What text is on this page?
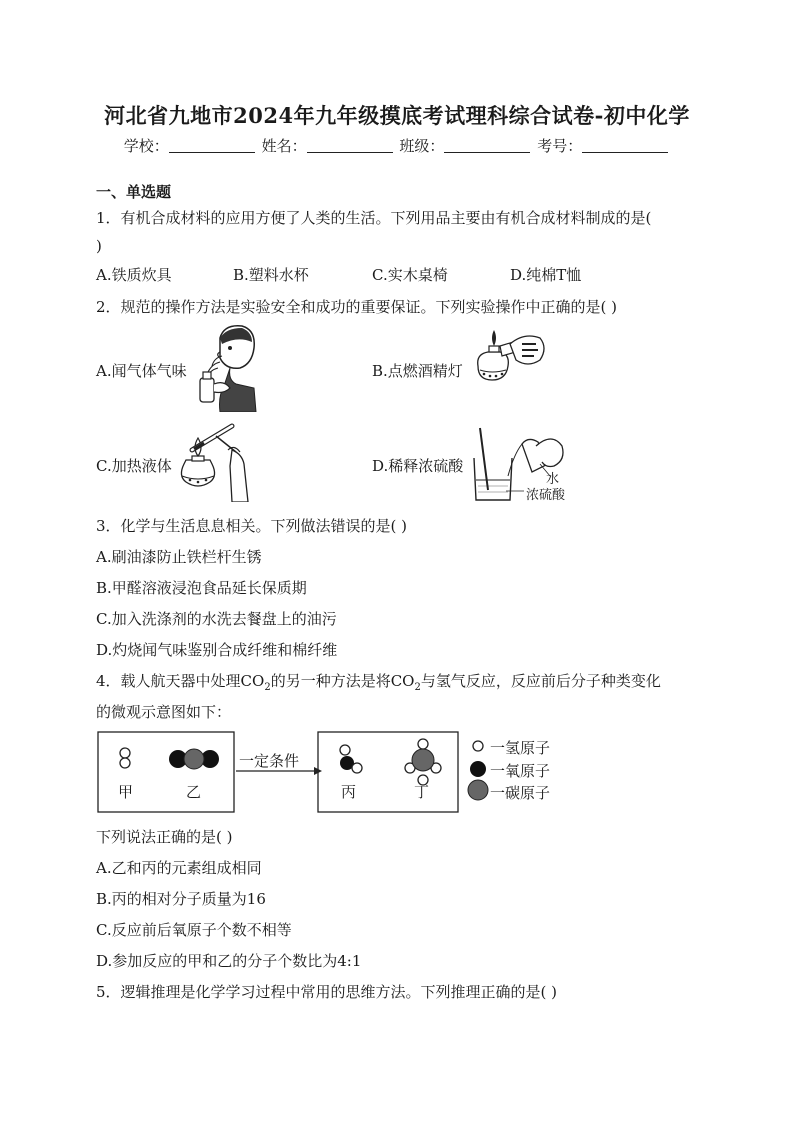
河北省九地市2024年九年级摸底考试理科综合试卷-初中化学
学校：	姓名：	班级：	考号：
一、单选题
1．有机合成材料的应用方便了人类的生活。下列用品主要由有机合成材料制成的是(
)
A.铁质炊具	B.塑料水杯	C.实木桌椅	D.纯棉T恤
2．规范的操作方法是实验安全和成功的重要保证。下列实验操作中正确的是( )
A.闻气体气味	B.点燃酒精灯
C.加热液体	D.稀释浓硫酸
水
浓硫酸
3．化学与生活息息相关。下列做法错误的是( )
A.刷油漆防止铁栏杆生锈
B.甲醛溶液浸泡食品延长保质期
C.加入洗涤剂的水洗去餐盘上的油污
D.灼烧闻气味鉴别合成纤维和棉纤维
4．载人航天器中处理$CO_2$的另一种方法是将$CO_2$与氢气反应，反应前后分子种类变化
的微观示意图如下：
甲	乙
一定条件
丙	丁
一氢原子
一氧原子
一碳原子
下列说法正确的是( )
A.乙和丙的元素组成相同
B.丙的相对分子质量为16
C.反应前后氧原子个数不相等
D.参加反应的甲和乙的分子个数比为4:1
5．逻辑推理是化学学习过程中常用的思维方法。下列推理正确的是( )
